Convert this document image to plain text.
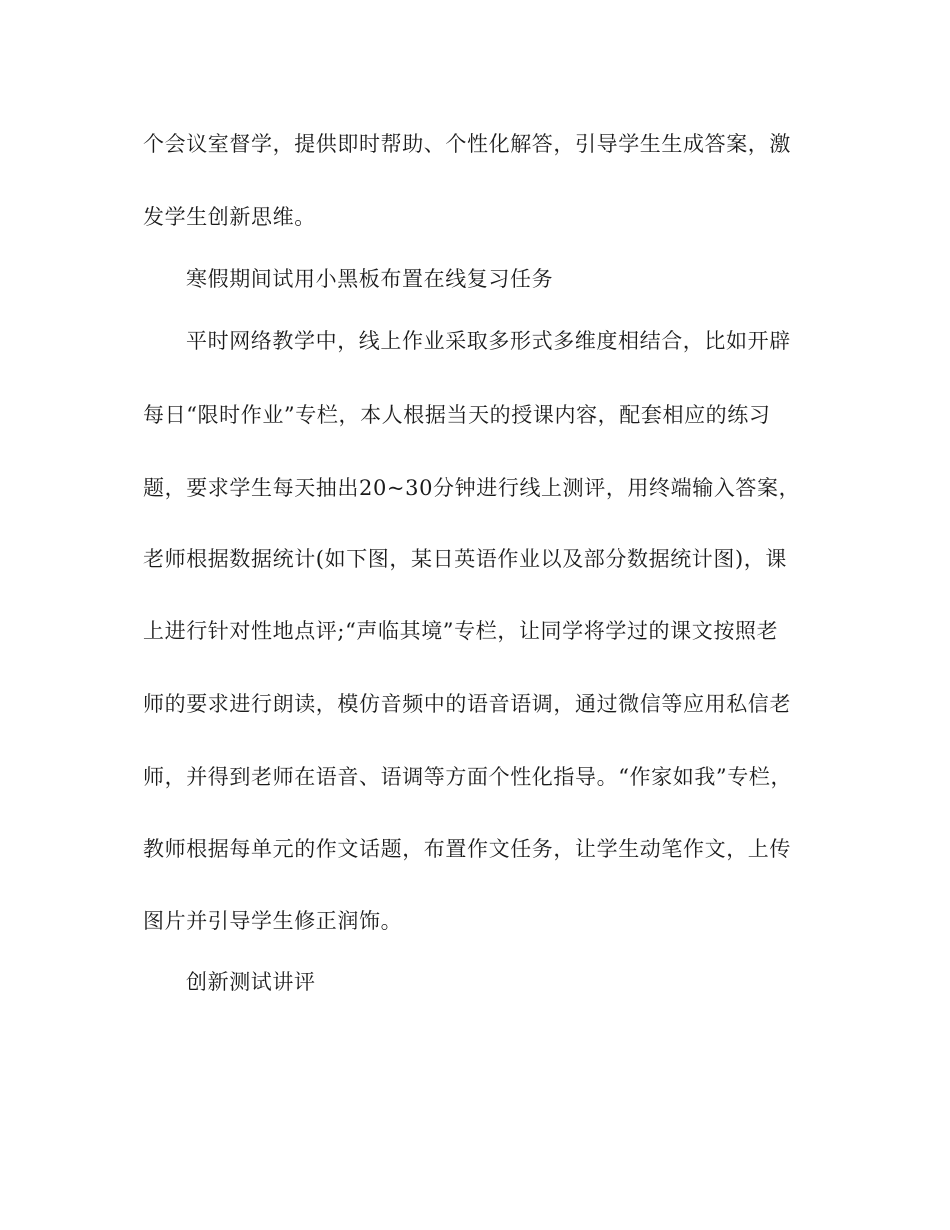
个会议室督学，提供即时帮助、个性化解答，引导学生生成答案，激
发学生创新思维。
寒假期间试用小黑板布置在线复习任务
平时网络教学中，线上作业采取多形式多维度相结合，比如开辟
每日“限时作业”专栏，本人根据当天的授课内容，配套相应的练习
题，要求学生每天抽出20~30分钟进行线上测评，用终端输入答案，
老师根据数据统计(如下图，某日英语作业以及部分数据统计图)，课
上进行针对性地点评;“声临其境”专栏，让同学将学过的课文按照老
师的要求进行朗读，模仿音频中的语音语调，通过微信等应用私信老
师，并得到老师在语音、语调等方面个性化指导。“作家如我”专栏，
教师根据每单元的作文话题，布置作文任务，让学生动笔作文，上传
图片并引导学生修正润饰。
创新测试讲评
